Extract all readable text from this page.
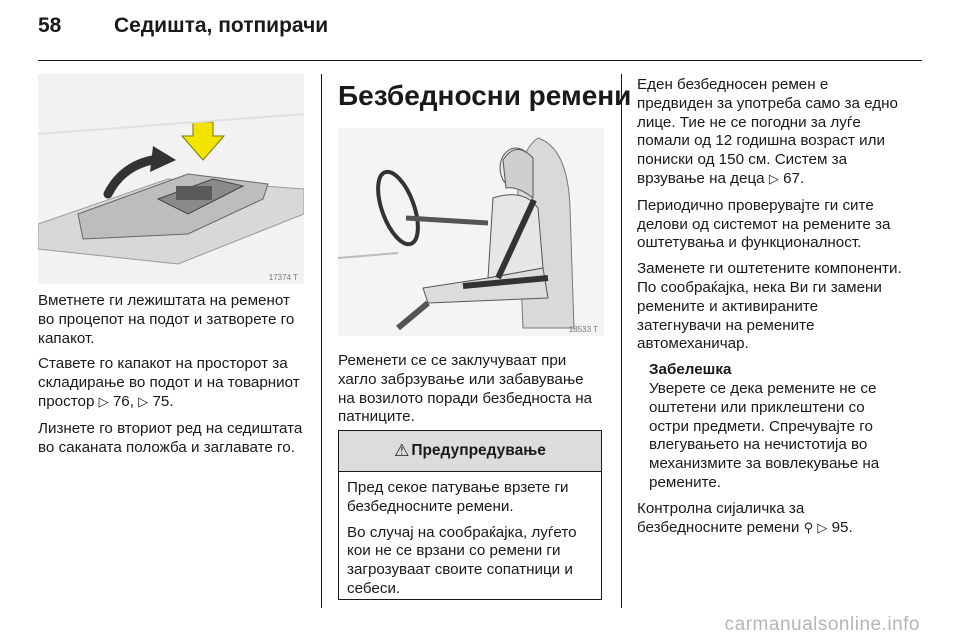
58	Седишта, потпирачи
17374 T

Вметнете ги лежиштата на ременот во процепот на подот и затворете го капакот.

Ставете го капакот на просторот за складирање во подот и на товарниот простор ▷ 76, ▷ 75.

Лизнете го вториот ред на седиштата во саканата положба и заглавате го.

Безбедносни ремени
18533 T

Ременети се се заклучуваат при хагло забрзување или забавување на возилото поради безбедноста на патниците.

⚠ Предупредување

Пред секое патување врзете ги безбедносните ремени.

Во случај на сообраќајка, луѓето кои не се врзани со ремени ги загрозуваат своите сопатници и себеси.

Еден безбедносен ремен е предвиден за употреба само за едно лице. Тие не се погодни за луѓе помали од 12 годишна возраст или пониски од 150 см. Систем за врзување на деца ▷ 67.

Периодично проверувајте ги сите делови од системот на ремените за оштетувања и функционалност.

Заменете ги оштетените компоненти. По сообраќајка, нека Ви ги замени ремените и активираните затегнувачи на ремените автомеханичар.

Забелешка

Уверете се дека ремените не се оштетени или приклештени со остри предмети. Спречувајте го влегувањето на нечистотија во механизмите за вовлекување на ремените.

Контролна сијаличка за безбедносните ремени ⚲ ▷ 95.

carmanualsonline.info
